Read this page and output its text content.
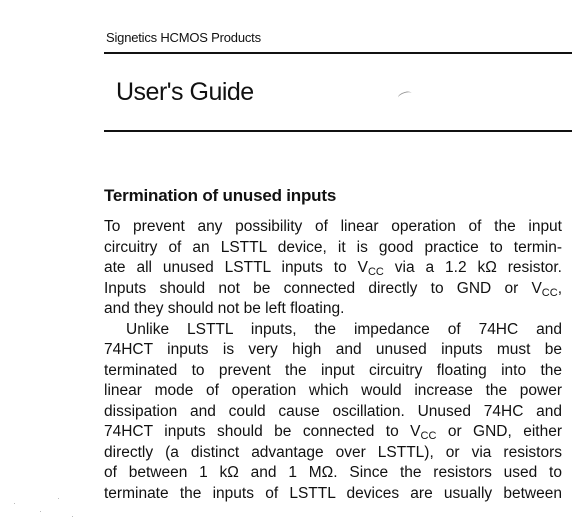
Signetics HCMOS Products
User's Guide
Termination of unused inputs
To prevent any possibility of linear operation of the input
circuitry of an LSTTL device, it is good practice to termin-
ate all unused LSTTL inputs to VCC via a 1.2 kΩ resistor.
Inputs should not be connected directly to GND or VCC,
and they should not be left floating.
Unlike LSTTL inputs, the impedance of 74HC and
74HCT inputs is very high and unused inputs must be
terminated to prevent the input circuitry floating into the
linear mode of operation which would increase the power
dissipation and could cause oscillation. Unused 74HC and
74HCT inputs should be connected to VCC or GND, either
directly (a distinct advantage over LSTTL), or via resistors
of between 1 kΩ and 1 MΩ. Since the resistors used to
terminate the inputs of LSTTL devices are usually between
